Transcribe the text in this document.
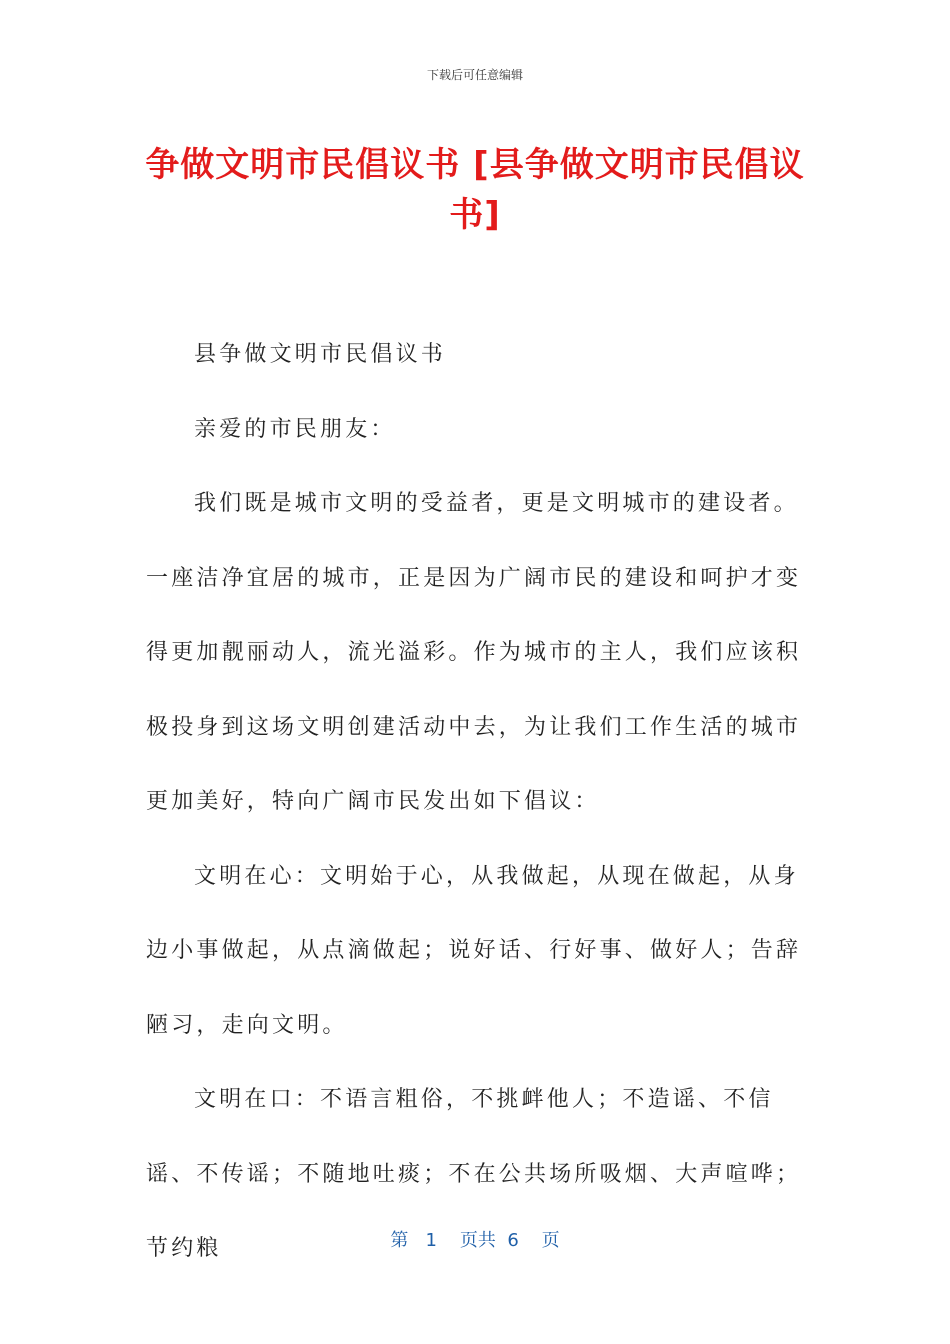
下载后可任意编辑
争做文明市民倡议书 [县争做文明市民倡议书]

县争做文明市民倡议书

亲爱的市民朋友：

我们既是城市文明的受益者，更是文明城市的建设者。一座洁净宜居的城市，正是因为广阔市民的建设和呵护才变得更加靓丽动人，流光溢彩。作为城市的主人，我们应该积极投身到这场文明创建活动中去，为让我们工作生活的城市更加美好，特向广阔市民发出如下倡议：

文明在心：文明始于心，从我做起，从现在做起，从身边小事做起，从点滴做起；说好话、行好事、做好人；告辞陋习，走向文明。

文明在口：不语言粗俗，不挑衅他人；不造谣、不信谣、不传谣；不随地吐痰；不在公共场所吸烟、大声喧哗；节约粮	第 1 页共 6 页
